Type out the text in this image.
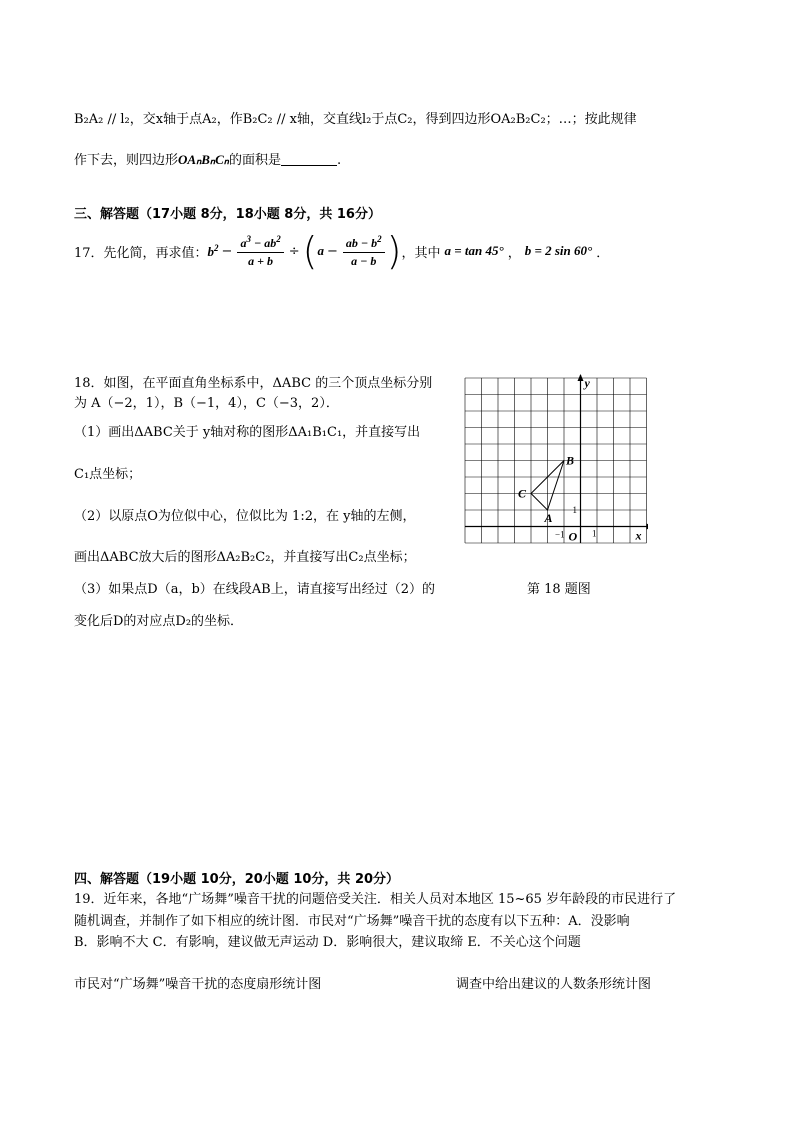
B₂A₂ // l₂，交x轴于点A₂，作B₂C₂ // x轴，交直线l₂于点C₂，得到四边形OA₂B₂C₂；…；按此规律
作下去，则四边形OAₙBₙCₙ的面积是	.
三、解答题（17小题 8分，18小题 8分，共 16分）
17．先化简，再求值： $b^2 - \frac{a^3 - ab^2}{a + b}$ ÷ ( $a - \frac{ab - b^2}{a - b}$ ) ，其中 a = tan 45° ， b = 2 sin 60° ．
18．如图，在平面直角坐标系中，ΔABC 的三个顶点坐标分别
为 A（−2，1），B（−1，4），C（−3，2）．
（1）画出ΔABC关于 y轴对称的图形ΔA₁B₁C₁，并直接写出
C₁点坐标；
（2）以原点O为位似中心，位似比为 1:2，在 y轴的左侧，
画出ΔABC放大后的图形ΔA₂B₂C₂，并直接写出C₂点坐标；
（3）如果点D（a，b）在线段AB上，请直接写出经过（2）的
变化后D的对应点D₂的坐标．
第 18 题图
y
x
O
A
B
C
−1	1
1
四、解答题（19小题 10分，20小题 10分，共 20分）
19．近年来，各地“广场舞”噪音干扰的问题倍受关注．相关人员对本地区 15~65 岁年龄段的市民进行了
随机调查，并制作了如下相应的统计图．市民对“广场舞”噪音干扰的态度有以下五种：A．没影响
B．影响不大 C．有影响，建议做无声运动 D．影响很大，建议取缔 E．不关心这个问题
市民对“广场舞”噪音干扰的态度扇形统计图	调查中给出建议的人数条形统计图
